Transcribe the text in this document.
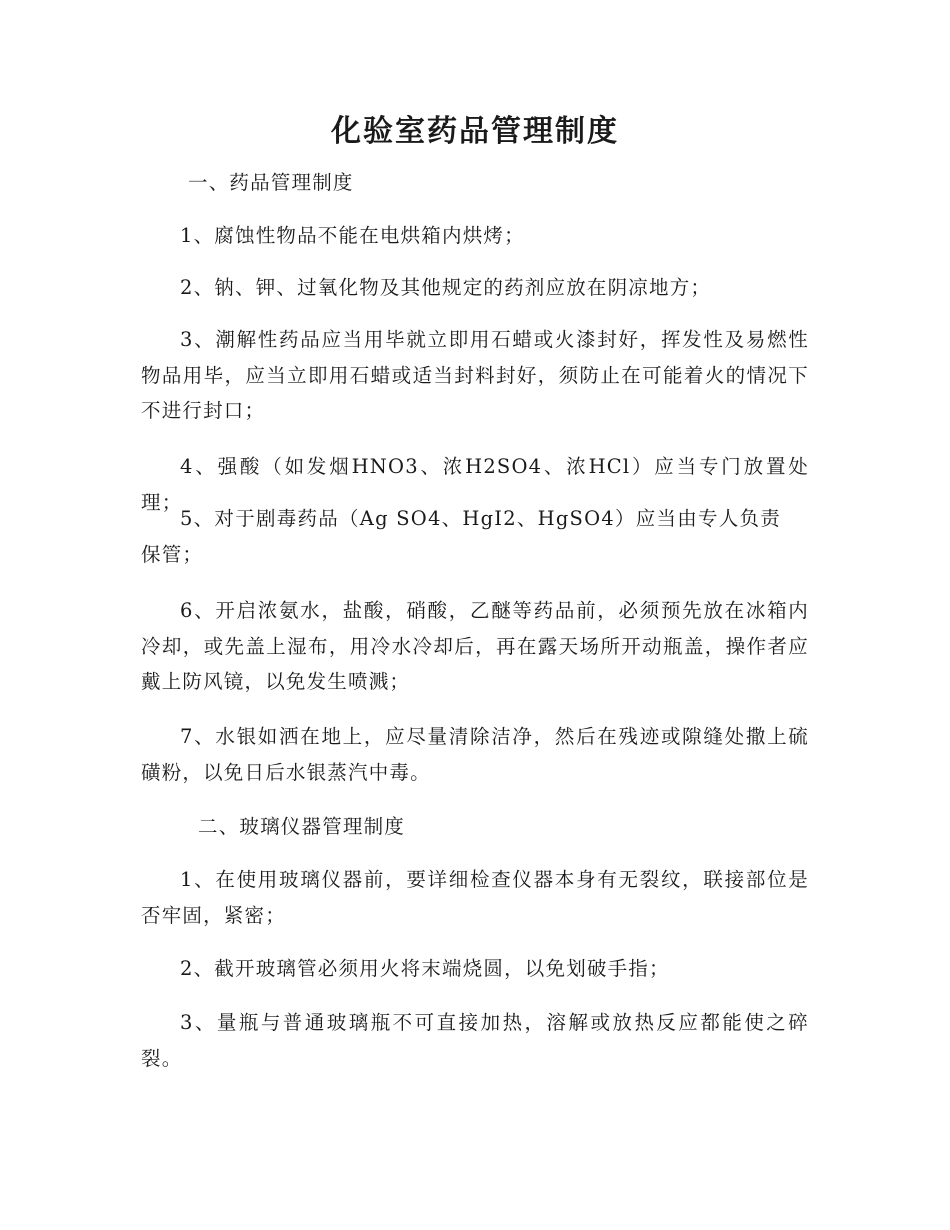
化验室药品管理制度
一、药品管理制度
1、腐蚀性物品不能在电烘箱内烘烤；
2、钠、钾、过氧化物及其他规定的药剂应放在阴凉地方；
3、潮解性药品应当用毕就立即用石蜡或火漆封好，挥发性及易燃性物品用毕，应当立即用石蜡或适当封料封好，须防止在可能着火的情况下不进行封口；
4、强酸（如发烟HNO3、浓H2SO4、浓HCl）应当专门放置处理；
5、对于剧毒药品（Ag SO4、HgI2、HgSO4）应当由专人负责保管；
6、开启浓氨水，盐酸，硝酸，乙醚等药品前，必须预先放在冰箱内冷却，或先盖上湿布，用冷水冷却后，再在露天场所开动瓶盖，操作者应戴上防风镜，以免发生喷溅；
7、水银如洒在地上，应尽量清除洁净，然后在残迹或隙缝处撒上硫磺粉，以免日后水银蒸汽中毒。
二、玻璃仪器管理制度
1、在使用玻璃仪器前，要详细检查仪器本身有无裂纹，联接部位是否牢固，紧密；
2、截开玻璃管必须用火将末端烧圆，以免划破手指；
3、量瓶与普通玻璃瓶不可直接加热，溶解或放热反应都能使之碎裂。
